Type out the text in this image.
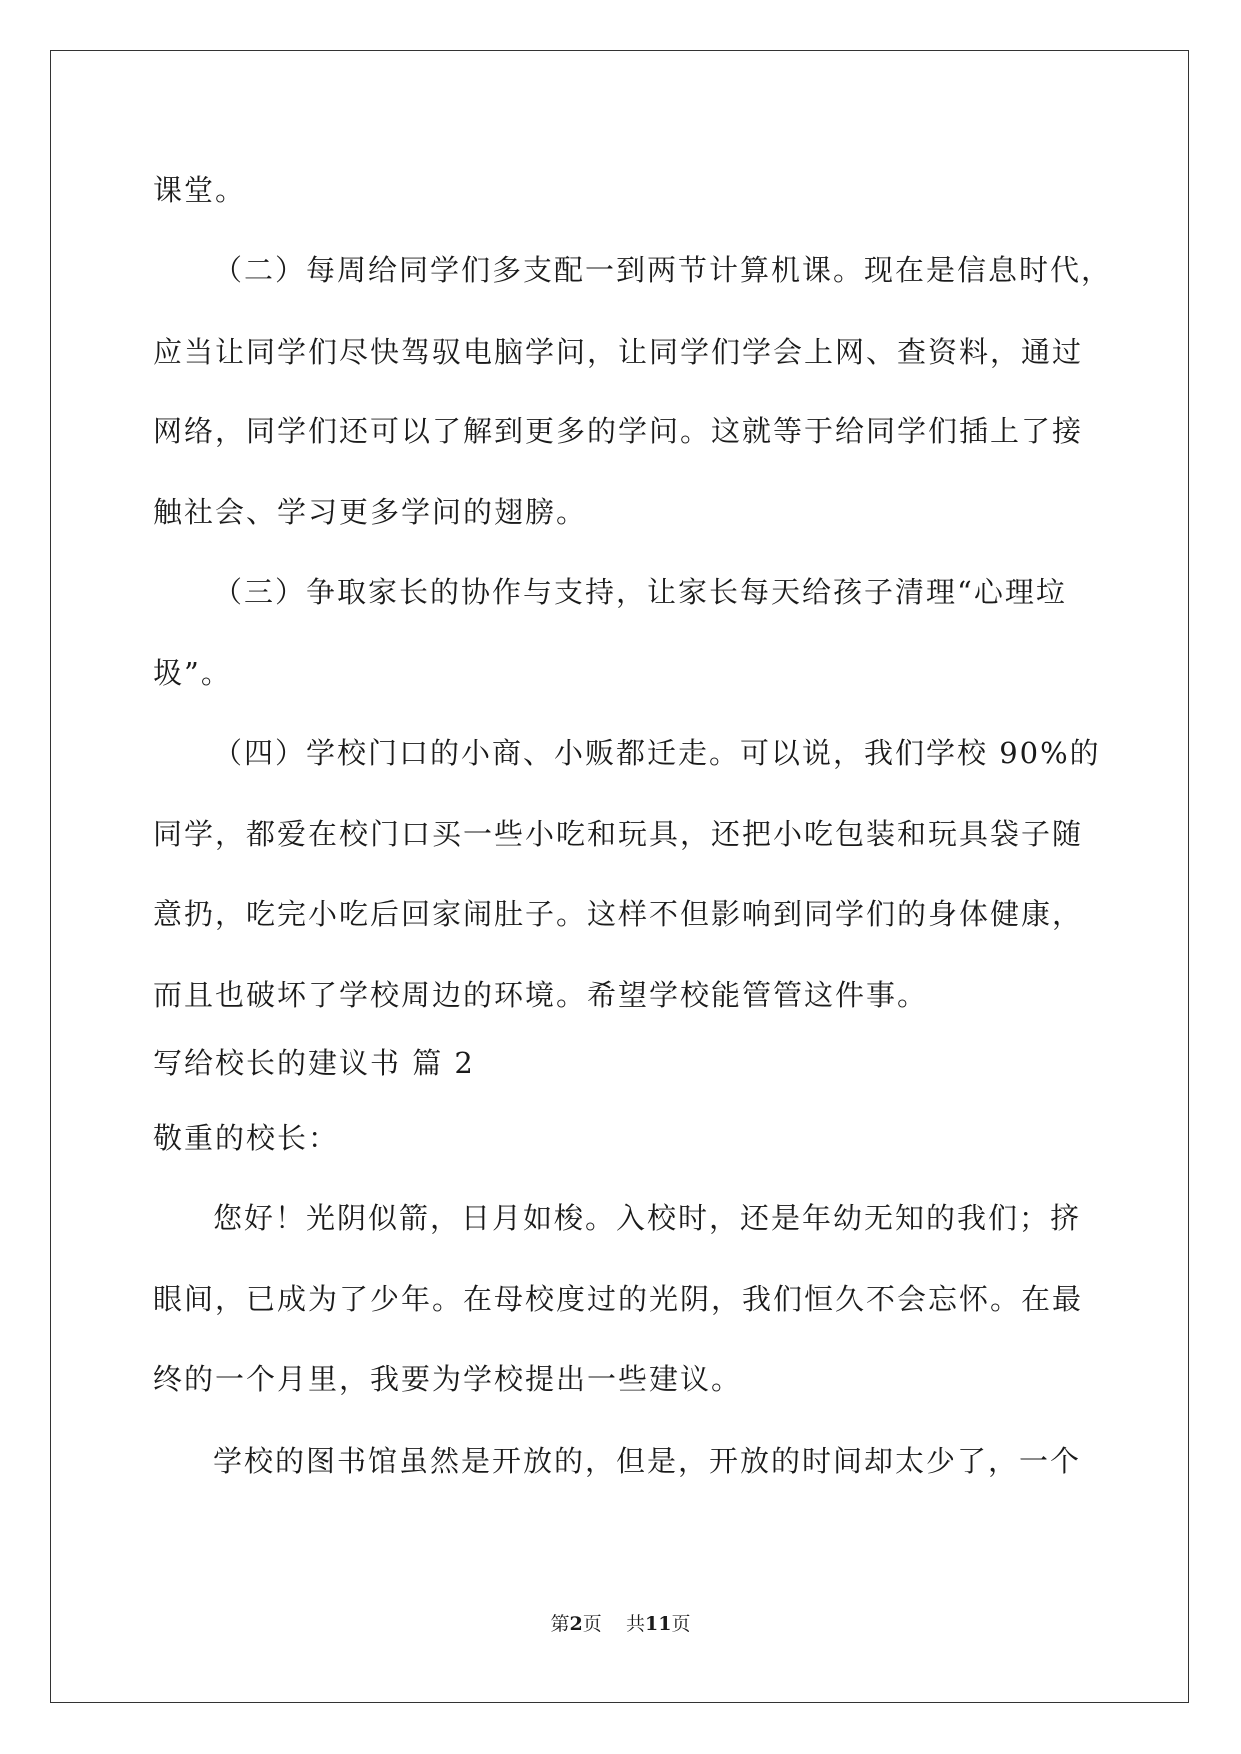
课堂。

（二）每周给同学们多支配一到两节计算机课。现在是信息时代，

应当让同学们尽快驾驭电脑学问，让同学们学会上网、查资料，通过

网络，同学们还可以了解到更多的学问。这就等于给同学们插上了接

触社会、学习更多学问的翅膀。

（三）争取家长的协作与支持，让家长每天给孩子清理“心理垃

圾”。

（四）学校门口的小商、小贩都迁走。可以说，我们学校 90%的

同学，都爱在校门口买一些小吃和玩具，还把小吃包装和玩具袋子随

意扔，吃完小吃后回家闹肚子。这样不但影响到同学们的身体健康，

而且也破坏了学校周边的环境。希望学校能管管这件事。

写给校长的建议书 篇 2

敬重的校长：

您好！光阴似箭，日月如梭。入校时，还是年幼无知的我们；挤

眼间，已成为了少年。在母校度过的光阴，我们恒久不会忘怀。在最

终的一个月里，我要为学校提出一些建议。

学校的图书馆虽然是开放的，但是，开放的时间却太少了，一个

第2页 共11页
